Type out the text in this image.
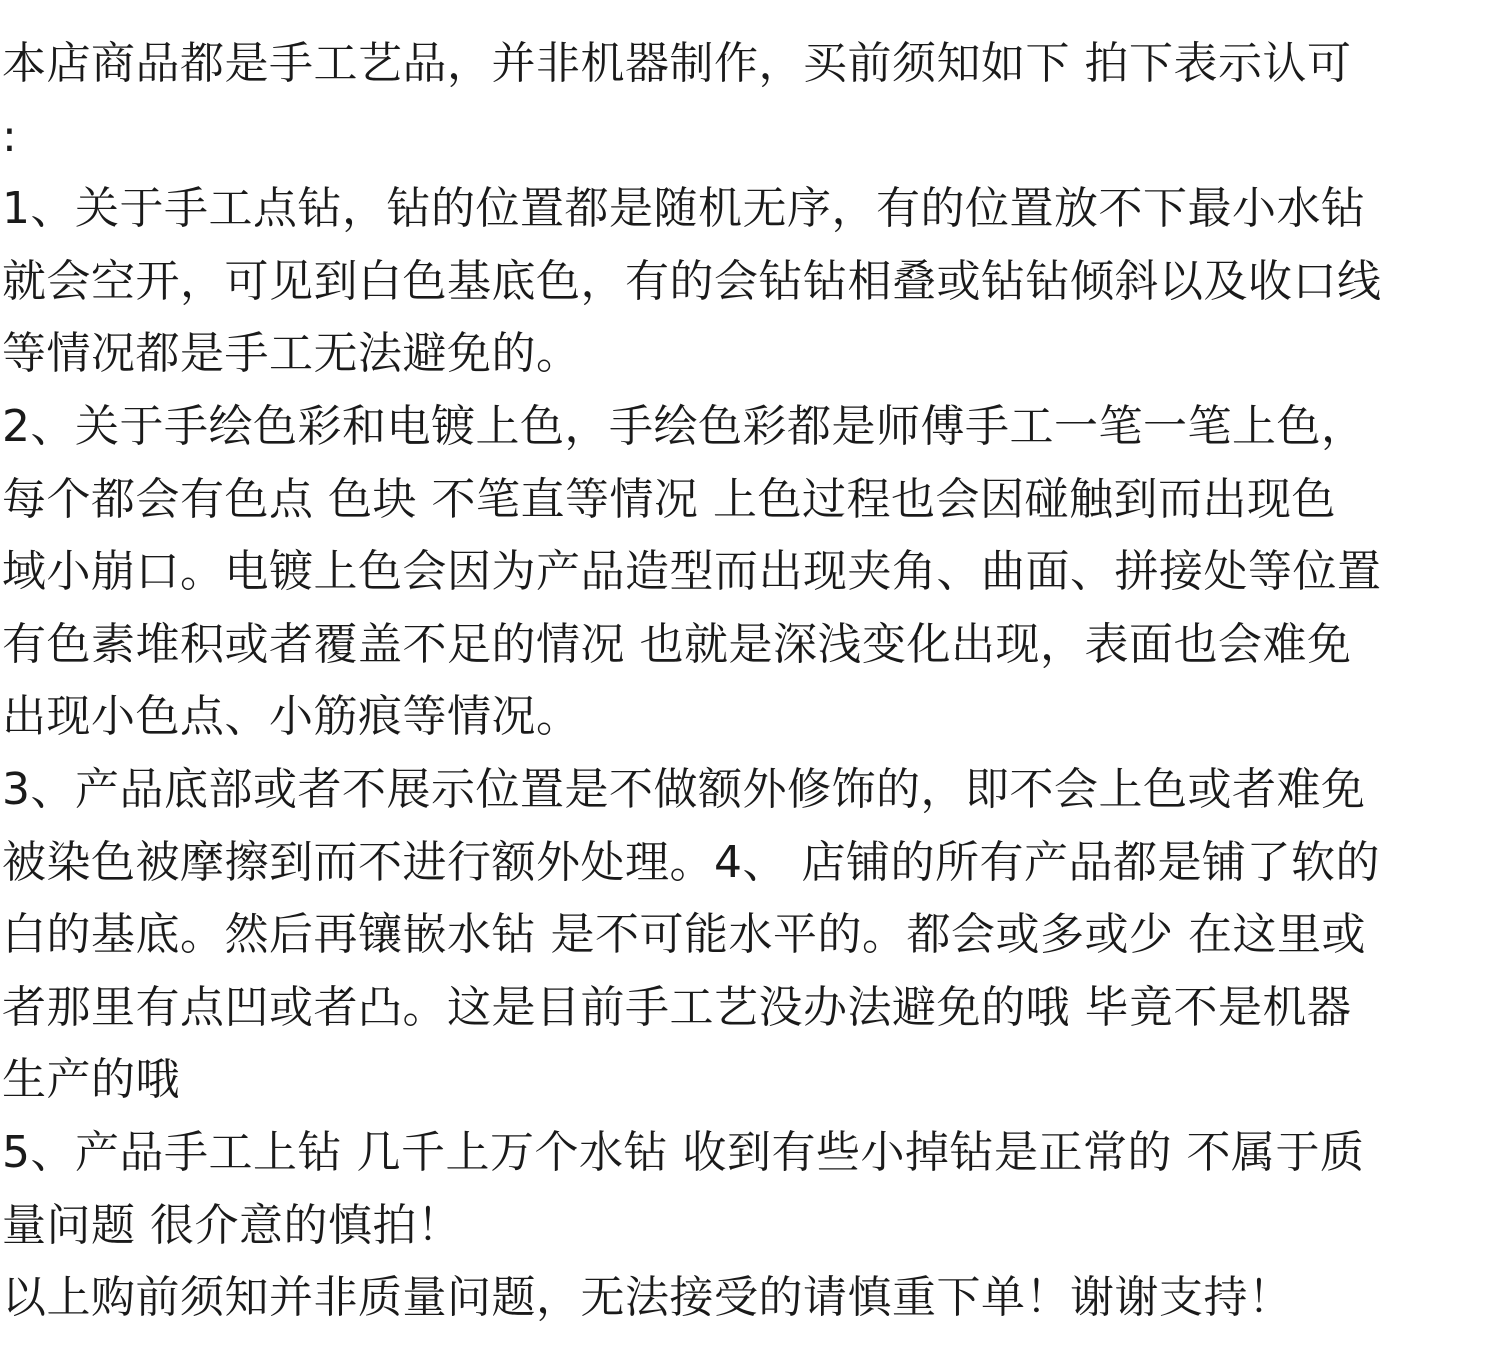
本店商品都是手工艺品，并非机器制作，买前须知如下 拍下表示认可
:
1、关于手工点钻，钻的位置都是随机无序，有的位置放不下最小水钻
就会空开，可见到白色基底色，有的会钻钻相叠或钻钻倾斜以及收口线
等情况都是手工无法避免的。
2、关于手绘色彩和电镀上色，手绘色彩都是师傅手工一笔一笔上色，
每个都会有色点 色块 不笔直等情况 上色过程也会因碰触到而出现色
域小崩口。电镀上色会因为产品造型而出现夹角、曲面、拼接处等位置
有色素堆积或者覆盖不足的情况 也就是深浅变化出现，表面也会难免
出现小色点、小筋痕等情况。
3、产品底部或者不展示位置是不做额外修饰的，即不会上色或者难免
被染色被摩擦到而不进行额外处理。4、 店铺的所有产品都是铺了软的
白的基底。然后再镶嵌水钻 是不可能水平的。都会或多或少 在这里或
者那里有点凹或者凸。这是目前手工艺没办法避免的哦 毕竟不是机器
生产的哦
5、产品手工上钻 几千上万个水钻 收到有些小掉钻是正常的 不属于质
量问题 很介意的慎拍！
以上购前须知并非质量问题，无法接受的请慎重下单！谢谢支持！
